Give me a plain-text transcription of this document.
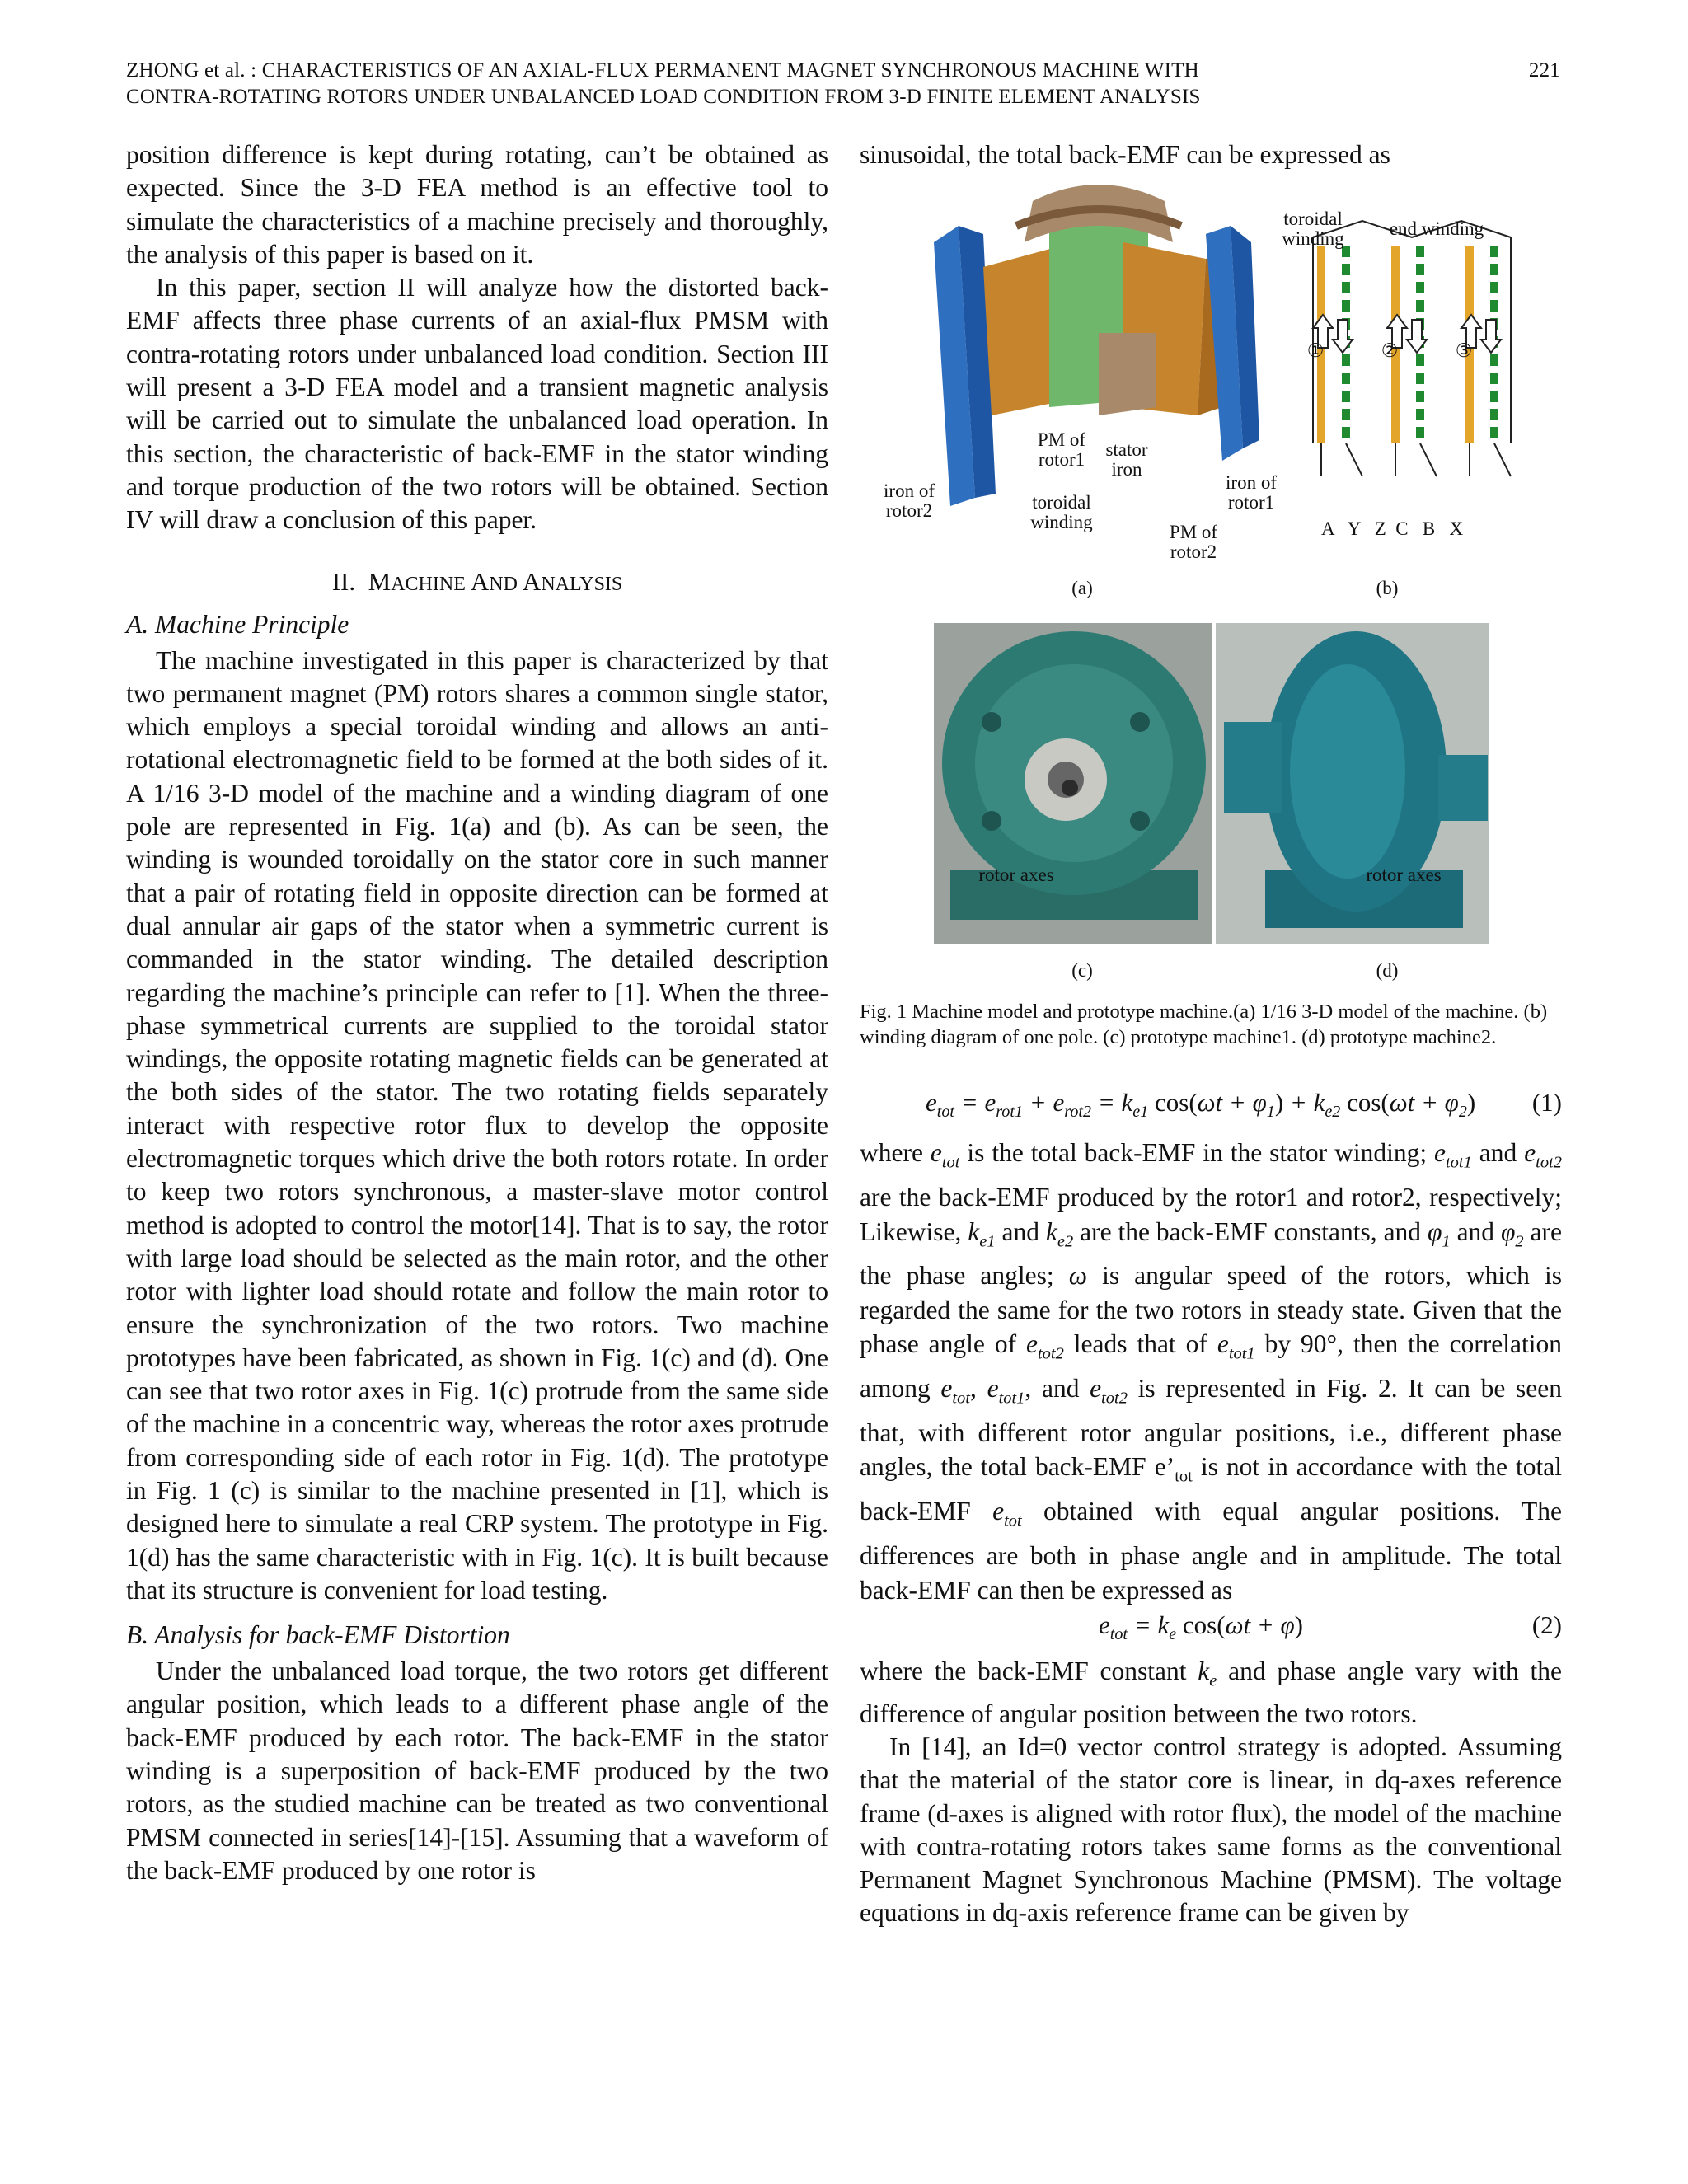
ZHONG et al. : CHARACTERISTICS OF AN AXIAL-FLUX PERMANENT MAGNET SYNCHRONOUS MACHINE WITH
CONTRA-ROTATING ROTORS UNDER UNBALANCED LOAD CONDITION FROM 3-D FINITE ELEMENT ANALYSIS
221

position difference is kept during rotating, can’t be obtained as expected. Since the 3-D FEA method is an effective tool to simulate the characteristics of a machine precisely and thoroughly, the analysis of this paper is based on it.

In this paper, section II will analyze how the distorted back-EMF affects three phase currents of an axial-flux PMSM with contra-rotating rotors under unbalanced load condition. Section III will present a 3-D FEA model and a transient magnetic analysis will be carried out to simulate the unbalanced load operation. In this section, the characteristic of back-EMF in the stator winding and torque production of the two rotors will be obtained. Section IV will draw a conclusion of this paper.

II. MACHINE AND ANALYSIS
A. Machine Principle

The machine investigated in this paper is characterized by that two permanent magnet (PM) rotors shares a common single stator, which employs a special toroidal winding and allows an anti-rotational electromagnetic field to be formed at the both sides of it. A 1/16 3-D model of the machine and a winding diagram of one pole are represented in Fig. 1(a) and (b). As can be seen, the winding is wounded toroidally on the stator core in such manner that a pair of rotating field in opposite direction can be formed at dual annular air gaps of the stator when a symmetric current is commanded in the stator winding. The detailed description regarding the machine’s principle can refer to [1]. When the three-phase symmetrical currents are supplied to the toroidal stator windings, the opposite rotating magnetic fields can be generated at the both sides of the stator. The two rotating fields separately interact with respective rotor flux to develop the opposite electromagnetic torques which drive the both rotors rotate. In order to keep two rotors synchronous, a master-slave motor control method is adopted to control the motor[14]. That is to say, the rotor with large load should be selected as the main rotor, and the other rotor with lighter load should rotate and follow the main rotor to ensure the synchronization of the two rotors. Two machine prototypes have been fabricated, as shown in Fig. 1(c) and (d). One can see that two rotor axes in Fig. 1(c) protrude from the same side of the machine in a concentric way, whereas the rotor axes protrude from corresponding side of each rotor in Fig. 1(d). The prototype in Fig. 1 (c) is similar to the machine presented in [1], which is designed here to simulate a real CRP system. The prototype in Fig. 1(d) has the same characteristic with in Fig. 1(c). It is built because that its structure is convenient for load testing.

B. Analysis for back-EMF Distortion

Under the unbalanced load torque, the two rotors get different angular position, which leads to a different phase angle of the back-EMF produced by each rotor. The back-EMF in the stator winding is a superposition of back-EMF produced by the two rotors, as the studied machine can be treated as two conventional PMSM connected in series[14]-[15]. Assuming that a waveform of the back-EMF produced by one rotor is

sinusoidal, the total back-EMF can be expressed as

toroidal
winding	end winding
①	②	③
A   Y   Z  C   B   X
PM of
rotor1	stator
iron
iron of
rotor2
iron of
rotor1
toroidal
winding	PM of
rotor2
(a)	(b)
rotor axes	rotor axes
(c)	(d)
Fig. 1 Machine model and prototype machine.(a) 1/16 3-D model of the machine. (b) winding diagram of one pole. (c) prototype machine1. (d) prototype machine2.
$e_{tot} = e_{rot1} + e_{rot2} = k_{e1}$ $\cos(\omega t + \varphi_1) + k_{e2}$ $\cos(\omega t + \varphi_2)$ (1)

where $e_{tot}$ is the total back-EMF in the stator winding; $e_{tot1}$ and $e_{tot2}$ are the back-EMF produced by the rotor1 and rotor2, respectively; Likewise, $k_{e1}$ and $k_{e2}$ are the back-EMF constants, and $\varphi_1$ and $\varphi_2$ are the phase angles; ω is angular speed of the rotors, which is regarded the same for the two rotors in steady state. Given that the phase angle of $e_{tot2}$ leads that of $e_{tot1}$ by 90°, then the correlation among $e_{tot}$, $e_{tot1}$, and $e_{tot2}$ is represented in Fig. 2. It can be seen that, with different rotor angular positions, i.e., different phase angles, the total back-EMF $e’_{tot}$ is not in accordance with the total back-EMF $e_{tot}$ obtained with equal angular positions. The differences are both in phase angle and in amplitude. The total back-EMF can then be expressed as

$e_{tot} = k_e$ cos(ωt + φ)	(2)

where the back-EMF constant $k_e$ and phase angle vary with the difference of angular position between the two rotors.

In [14], an Id=0 vector control strategy is adopted. Assuming that the material of the stator core is linear, in dq-axes reference frame (d-axes is aligned with rotor flux), the model of the machine with contra-rotating rotors takes same forms as the conventional Permanent Magnet Synchronous Machine (PMSM). The voltage equations in dq-axis reference frame can be given by
